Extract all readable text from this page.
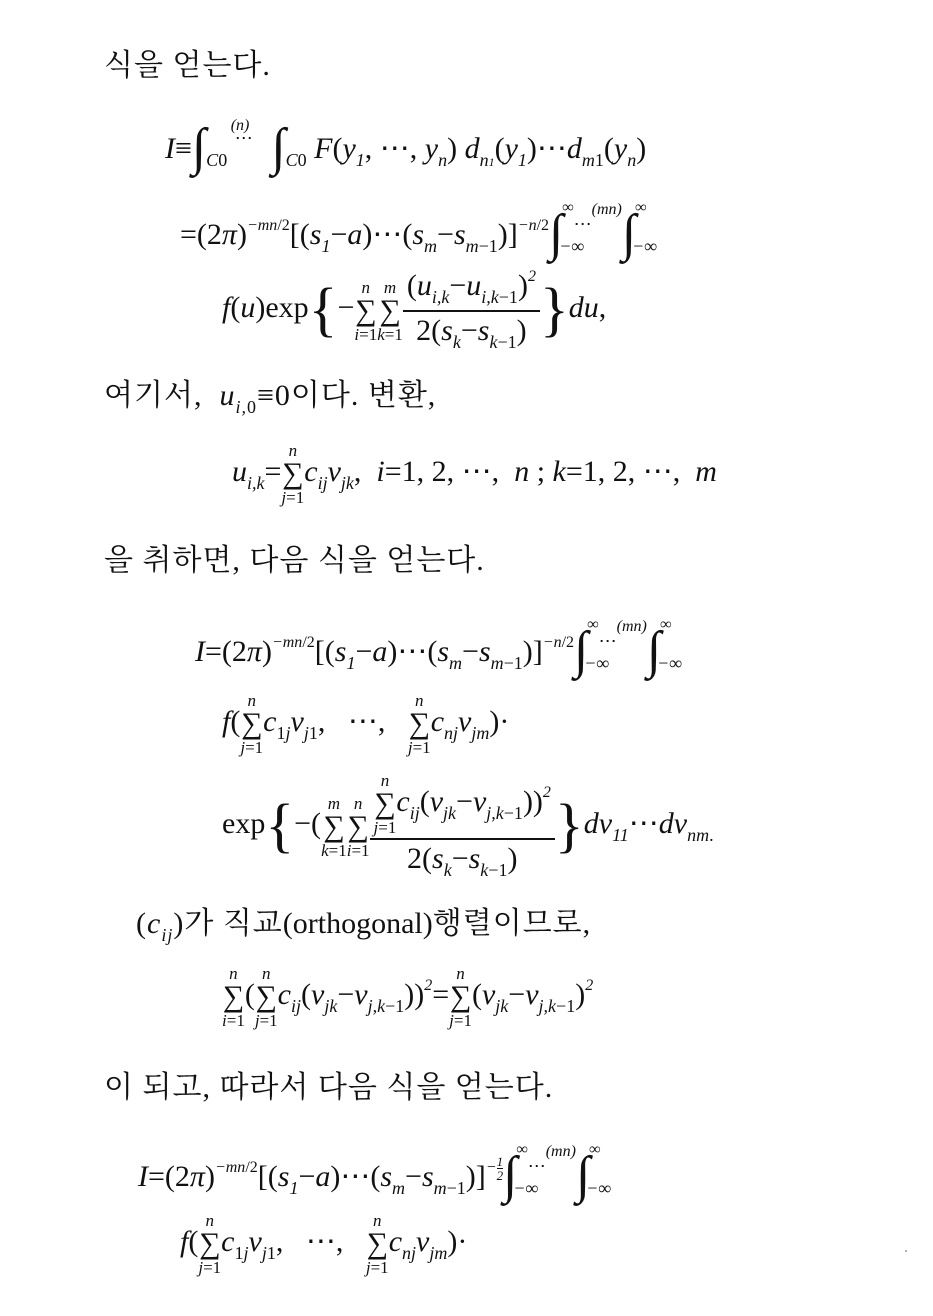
식을 얻는다.
$I\equiv\int_{C0}$ $^{\cdots(n)}$ $\int_{C0}$ $F(y_1$, ⋯, $y_n$) $d_{n1}(y_1)\cdots d_{m1}(y_n)$
$=(2\pi)^{-mn/2}[(s_1-a)\cdots(s_m-s_{m-1})]^{-n/2}\int_{-\infty}^{\infty\cdots(mn)}\int_{-\infty}^\infty$
f(u)exp{−
n
∑
i=1
m
∑
$k=1 \frac{(u_{i,k}-u_{i,k-1})^2}{2(s_k-s_{k-1})} \}du$,
여기서,  $u_{i,0}\equiv 0$이다. 변환,
$u_{i,k}=$
n
∑
j=1
$c_{ij}v_{jk}$,  i=1, 2, ⋯,  n ; k=1, 2, ⋯,  m
을 취하면, 다음 식을 얻는다.
$I=(2\pi)^{-mn/2}[(s_1-a)\cdots(s_m-s_{m-1})]^{-n/2}\int_{-\infty}^{\infty\cdots(mn)}\int_{-\infty}^\infty$
f(
n
∑
j=1
$c_{1j}v_{j1}$,   ⋯,
n
∑
j=1
$c_{nj}v_{jm})\cdot$
exp{−(
m
∑
k=1
n
∑
i=1 n
∑
j=1
$c_{ij}(v_{jk}-v_{j,k-1}))^2$
$2(s_k-s_{k-1})$ }$dv_{11}\cdots dv_{nm.}$
$(c_{ij})$가 직교(orthogonal)행렬이므로,
n
∑
i=1
(
n
∑
j=1
$c_{ij}(v_{jk}-v_{j,k-1}))^2=$
n
∑
j=1
$(v_{jk}-v_{j,k-1})^2$
이 되고, 따라서 다음 식을 얻는다.
$I=(2\pi)^{-mn/2}[(s_1-a)\cdots(s_m-s_{m-1})]^{- \frac{1}{2}}$ $\int_{-\infty}^{\infty\cdots(mn)}\int_{-\infty}^\infty$
f(
n
∑
j=1
$c_{1j}v_{j1}$,   ⋯,
n
∑
j=1
$c_{nj}v_{jm})\cdot$
